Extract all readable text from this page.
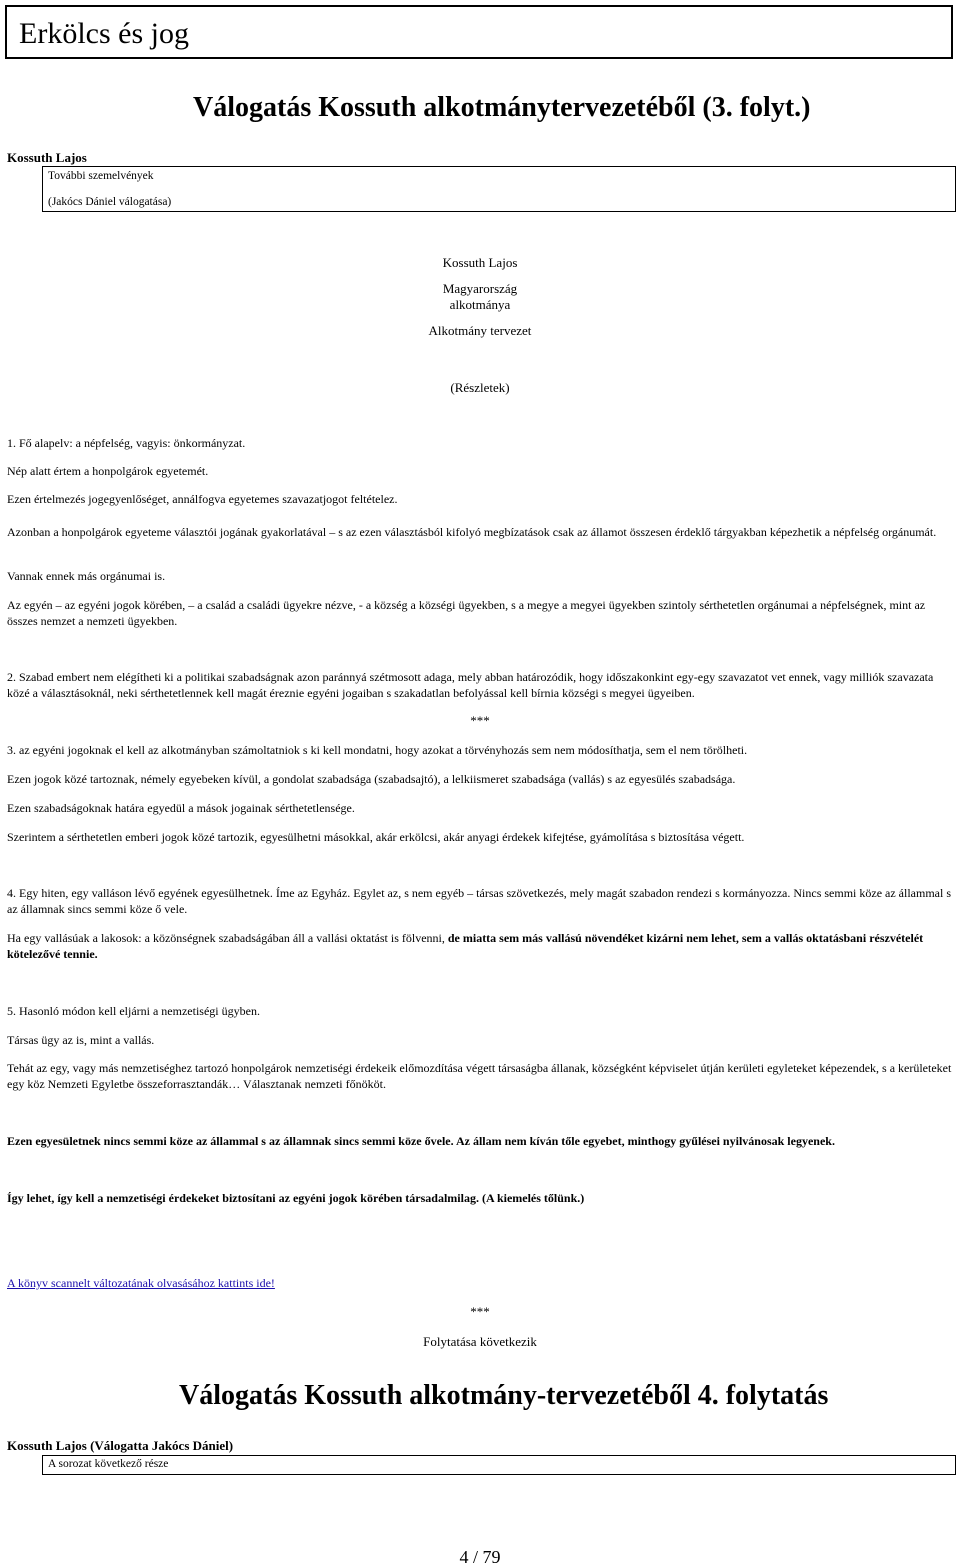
Erkölcs és jog
Válogatás Kossuth alkotmánytervezetéből (3. folyt.)
Kossuth Lajos
További szemelvények
(Jakócs Dániel válogatása)
Kossuth Lajos
Magyarország
alkotmánya
Alkotmány tervezet
(Részletek)

1. Fő alapelv: a népfelség, vagyis: önkormányzat.

Nép alatt értem a honpolgárok egyetemét.

Ezen értelmezés jogegyenlőséget, annálfogva egyetemes szavazatjogot feltételez.

Azonban a honpolgárok egyeteme választói jogának gyakorlatával – s az ezen választásból kifolyó megbízatások csak az államot összesen érdeklő tárgyakban képezhetik a népfelség orgánumát.

Vannak ennek más orgánumai is.

Az egyén – az egyéni jogok körében, – a család a családi ügyekre nézve, - a község a községi ügyekben, s a megye a megyei ügyekben szintoly sérthetetlen orgánumai a népfelségnek, mint az összes nemzet a nemzeti ügyekben.

2. Szabad embert nem elégítheti ki a politikai szabadságnak azon paránnyá szétmosott adaga, mely abban határozódik, hogy időszakonkint egy-egy szavazatot vet ennek, vagy milliók szavazata közé a választásoknál, neki sérthetetlennek kell magát éreznie egyéni jogaiban s szakadatlan befolyással kell bírnia községi s megyei ügyeiben.

***

3. az egyéni jogoknak el kell az alkotmányban számoltatniok s ki kell mondatni, hogy azokat a törvényhozás sem nem módosíthatja, sem el nem törölheti.

Ezen jogok közé tartoznak, némely egyebeken kívül, a gondolat szabadsága (szabadsajtó), a lelkiismeret szabadsága (vallás) s az egyesülés szabadsága.

Ezen szabadságoknak határa egyedül a mások jogainak sérthetetlensége.

Szerintem a sérthetetlen emberi jogok közé tartozik, egyesülhetni másokkal, akár erkölcsi, akár anyagi érdekek kifejtése, gyámolítása s biztosítása végett.

4. Egy hiten, egy valláson lévő egyének egyesülhetnek. Íme az Egyház. Egylet az, s nem egyéb – társas szövetkezés, mely magát szabadon rendezi s kormányozza. Nincs semmi köze az állammal s az államnak sincs semmi köze ő vele.

Ha egy vallásúak a lakosok: a közönségnek szabadságában áll a vallási oktatást is fölvenni, de miatta sem más vallású növendéket kizárni nem lehet, sem a vallás oktatásbani részvételét kötelezővé tennie.

5. Hasonló módon kell eljárni a nemzetiségi ügyben.

Társas ügy az is, mint a vallás.

Tehát az egy, vagy más nemzetiséghez tartozó honpolgárok nemzetiségi érdekeik előmozdítása végett társaságba állanak, községként képviselet útján kerületi egyleteket képezendek, s a kerületeket egy köz Nemzeti Egyletbe összeforrasztandák… Választanak nemzeti főnököt.

Ezen egyesületnek nincs semmi köze az állammal s az államnak sincs semmi köze ővele. Az állam nem kíván tőle egyebet, minthogy gyűlései nyilvánosak legyenek.

Így lehet, így kell a nemzetiségi érdekeket biztosítani az egyéni jogok körében társadalmilag. (A kiemelés tőlünk.)

A könyv scannelt változatának olvasásához kattints ide!
***
Folytatása következik
Válogatás Kossuth alkotmány-tervezetéből 4. folytatás
Kossuth Lajos (Válogatta Jakócs Dániel)
A sorozat következő része
4 / 79
